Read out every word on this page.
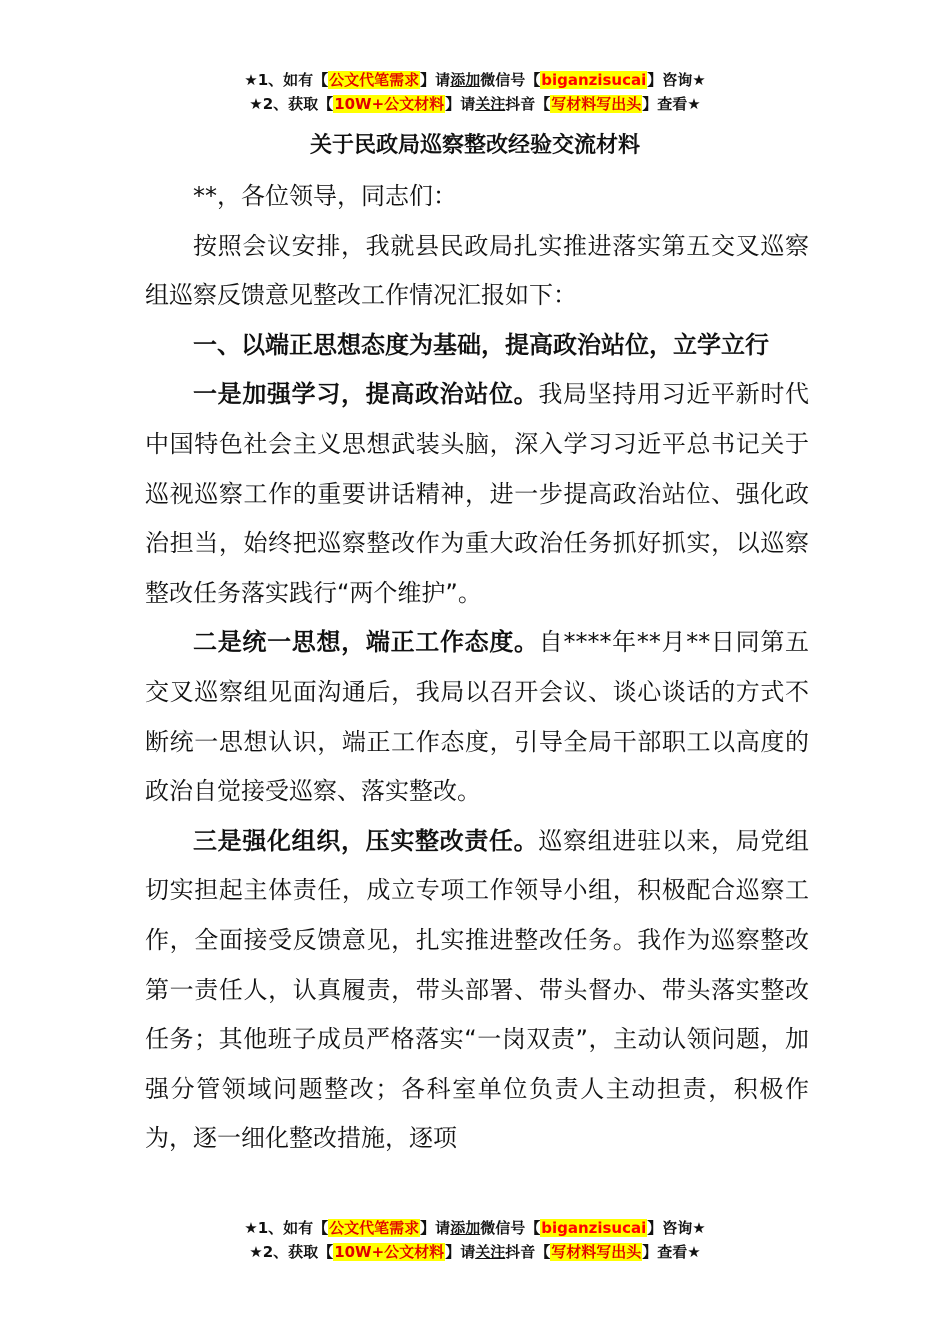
★1、如有【公文代笔需求】请添加微信号【biganzisucai】咨询★
★2、获取【10W+公文材料】请关注抖音【写材料写出头】查看★
关于民政局巡察整改经验交流材料

**，各位领导，同志们：

按照会议安排，我就县民政局扎实推进落实第五交叉巡察组巡察反馈意见整改工作情况汇报如下：

一、以端正思想态度为基础，提高政治站位，立学立行

一是加强学习，提高政治站位。我局坚持用习近平新时代中国特色社会主义思想武装头脑，深入学习习近平总书记关于巡视巡察工作的重要讲话精神，进一步提高政治站位、强化政治担当，始终把巡察整改作为重大政治任务抓好抓实，以巡察整改任务落实践行“两个维护”。

二是统一思想，端正工作态度。自****年**月**日同第五交叉巡察组见面沟通后，我局以召开会议、谈心谈话的方式不断统一思想认识，端正工作态度，引导全局干部职工以高度的政治自觉接受巡察、落实整改。

三是强化组织，压实整改责任。巡察组进驻以来，局党组切实担起主体责任，成立专项工作领导小组，积极配合巡察工作，全面接受反馈意见，扎实推进整改任务。我作为巡察整改第一责任人，认真履责，带头部署、带头督办、带头落实整改任务；其他班子成员严格落实“一岗双责”，主动认领问题，加强分管领域问题整改；各科室单位负责人主动担责，积极作为，逐一细化整改措施，逐项

★1、如有【公文代笔需求】请添加微信号【biganzisucai】咨询★
★2、获取【10W+公文材料】请关注抖音【写材料写出头】查看★
